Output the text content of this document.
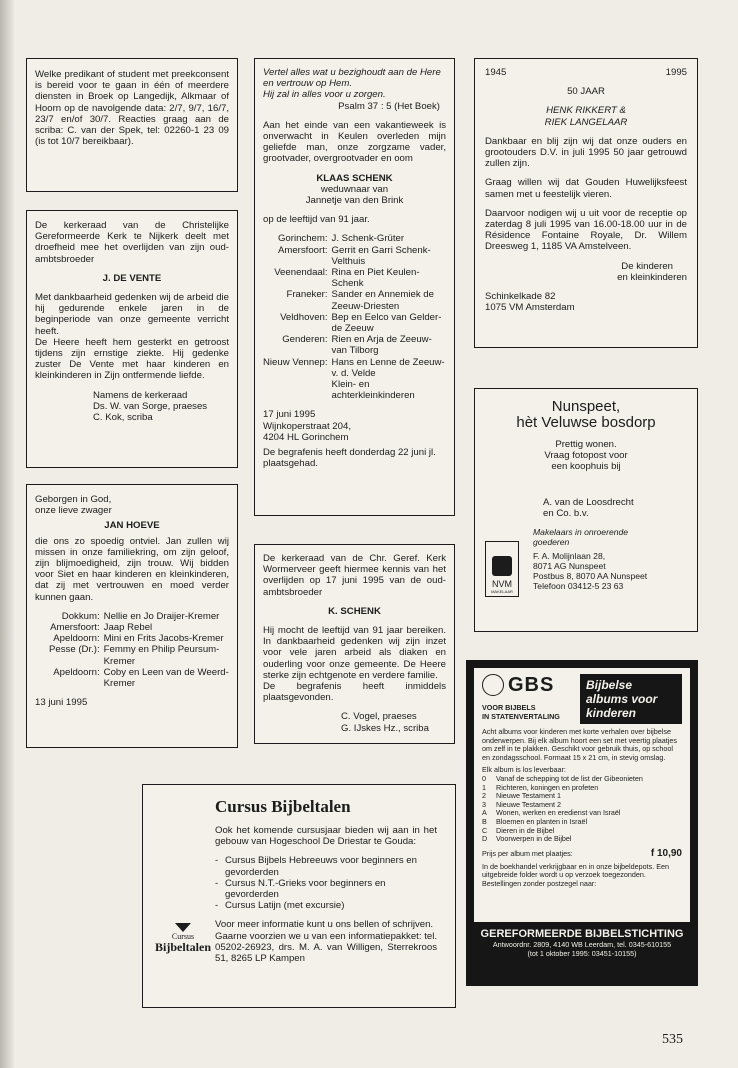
Welke predikant of student met preekconsent is bereid voor te gaan in één of meerdere diensten in Broek op Langedijk, Alkmaar of Hoorn op de navolgende data: 2/7, 9/7, 16/7, 23/7 en/of 30/7. Reacties graag aan de scriba: C. van der Spek, tel: 02260-1 23 09 (is tot 10/7 bereikbaar).

De kerkeraad van de Christelijke Gereformeerde Kerk te Nijkerk deelt met droefheid mee het overlijden van zijn oud-ambtsbroeder

J. DE VENTE

Met dankbaarheid gedenken wij de arbeid die hij gedurende enkele jaren in de beginperiode van onze gemeente verricht heeft.

De Heere heeft hem gesterkt en getroost tijdens zijn ernstige ziekte. Hij gedenke zuster De Vente met haar kinderen en kleinkinderen in Zijn ontfermende liefde.

Namens de kerkeraad

Ds. W. van Sorge, praeses

C. Kok, scriba

Geborgen in God,

onze lieve zwager

JAN HOEVE

die ons zo spoedig ontviel. Jan zullen wij missen in onze familiekring, om zijn geloof, zijn blijmoedigheid, zijn trouw. Wij bidden voor Siet en haar kinderen en kleinkinderen, dat zij met vertrouwen en moed verder kunnen gaan.

Dokkum: Nellie en Jo Draijer-Kremer
Amersfoort: Jaap Rebel
Apeldoorn: Mini en Frits Jacobs-Kremer
Pesse (Dr.): Femmy en Philip Peursum-Kremer
Apeldoorn: Coby en Leen van de Weerd-Kremer

13 juni 1995

Vertel alles wat u bezighoudt aan de Here en vertrouw op Hem.

Hij zal in alles voor u zorgen.

Psalm 37 : 5 (Het Boek)

Aan het einde van een vakantieweek is onverwacht in Keulen overleden mijn geliefde man, onze zorgzame vader, grootvader, overgrootvader en oom

KLAAS SCHENK

weduwnaar van

Jannetje van den Brink

op de leeftijd van 91 jaar.

Gorinchem: J. Schenk-Grüter
Amersfoort: Gerrit en Garri Schenk-Velthuis
Veenendaal: Rina en Piet Keulen-Schenk
Franeker: Sander en Annemiek de Zeeuw-Driesten
Veldhoven: Bep en Eelco van Gelder-de Zeeuw
Genderen: Rien en Arja de Zeeuw-van Tilborg
Nieuw Vennep: Hans en Lenne de Zeeuw-v. d. Velde
Klein- en achterkleinkinderen

17 juni 1995

Wijnkoperstraat 204,

4204 HL Gorinchem

De begrafenis heeft donderdag 22 juni jl. plaatsgehad.

De kerkeraad van de Chr. Geref. Kerk Wormerveer geeft hiermee kennis van het overlijden op 17 juni 1995 van de oud-ambtsbroeder

K. SCHENK

Hij mocht de leeftijd van 91 jaar bereiken. In dankbaarheid gedenken wij zijn inzet voor vele jaren arbeid als diaken en ouderling voor onze gemeente. De Heere sterke zijn echtgenote en verdere familie.

De begrafenis heeft inmiddels plaatsgevonden.

C. Vogel, praeses

G. IJskes Hz., scriba

1945	1995

50 JAAR

HENK RIKKERT &

RIEK LANGELAAR

Dankbaar en blij zijn wij dat onze ouders en grootouders D.V. in juli 1995 50 jaar getrouwd zullen zijn.

Graag willen wij dat Gouden Huwelijksfeest samen met u feestelijk vieren.

Daarvoor nodigen wij u uit voor de receptie op zaterdag 8 juli 1995 van 16.00-18.00 uur in de Résidence Fontaine Royale, Dr. Willem Dreesweg 1, 1185 VA Amstelveen.

De kinderen

en kleinkinderen

Schinkelkade 82

1075 VM Amsterdam

Nunspeet,

hèt Veluwse bosdorp

Prettig wonen.

Vraag fotopost voor

een koophuis bij

A. van de Loosdrecht

en Co. b.v.

NVM
MAKELAAR

Makelaars in onroerende

goederen

F. A. Molijnlaan 28,

8071 AG Nunspeet

Postbus 8, 8070 AA Nunspeet

Telefoon 03412-5 23 63

Cursus

Bijbeltalen

Cursus Bijbeltalen

Ook het komende cursusjaar bieden wij aan in het gebouw van Hogeschool De Driestar te Gouda:

- Cursus Bijbels Hebreeuws voor beginners en gevorderden
- Cursus N.T.-Grieks voor beginners en gevorderden
- Cursus Latijn (met excursie)

Voor meer informatie kunt u ons bellen of schrijven.

Gaarne voorzien we u van een informatiepakket: tel. 05202-26923, drs. M. A. van Willigen, Sterrekroos 51, 8265 LP Kampen

GBS

VOOR BIJBELS

IN STATENVERTALING

Bijbelse

albums voor

kinderen

Acht albums voor kinderen met korte verhalen over bijbelse onderwerpen. Bij elk album hoort een set met veertig plaatjes om zelf in te plakken. Geschikt voor gebruik thuis, op school en zondagsschool. Formaat 15 x 21 cm, in stevig omslag.

Elk album is los leverbaar:

0	Vanaf de schepping tot de list der Gibeonieten
1	Richteren, koningen en profeten
2	Nieuwe Testament 1
3	Nieuwe Testament 2
A	Wonen, werken en eredienst van Israël
B	Bloemen en planten in Israël
C	Dieren in de Bijbel
D	Voorwerpen in de Bijbel
Prijs per album met plaatjes:	f 10,90

In de boekhandel verkrijgbaar en in onze bijbeldepots. Een uitgebreide folder wordt u op verzoek toegezonden. Bestellingen zonder postzegel naar:

GEREFORMEERDE BIJBELSTICHTING

Antwoordnr. 2809, 4140 WB Leerdam, tel. 0345-610155

(tot 1 oktober 1995: 03451-10155)

535
